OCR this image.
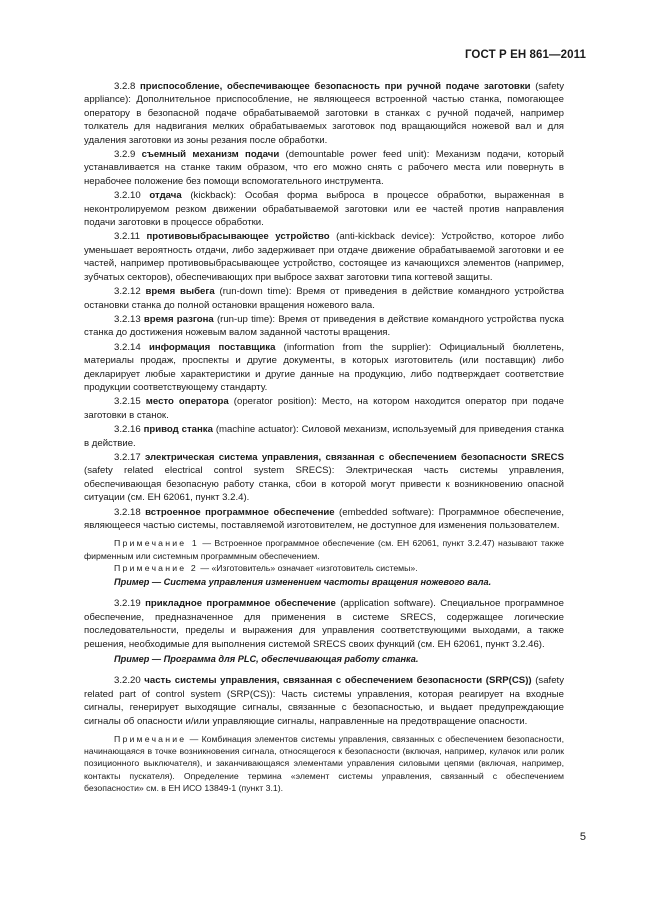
ГОСТ Р ЕН 861—2011

3.2.8 приспособление, обеспечивающее безопасность при ручной подаче заготовки (safety appliance): Дополнительное приспособление, не являющееся встроенной частью станка, помогающее оператору в безопасной подаче обрабатываемой заготовки в станках с ручной подачей, например толкатель для надвигания мелких обрабатываемых заготовок под вращающийся ножевой вал и для удаления заготовки из зоны резания после обработки.

3.2.9 съемный механизм подачи (demountable power feed unit): Механизм подачи, который устанавливается на станке таким образом, что его можно снять с рабочего места или повернуть в нерабочее положение без помощи вспомогательного инструмента.

3.2.10 отдача (kickback): Особая форма выброса в процессе обработки, выраженная в неконтролируемом резком движении обрабатываемой заготовки или ее частей против направления подачи заготовки в процессе обработки.

3.2.11 противовыбрасывающее устройство (anti-kickback device): Устройство, которое либо уменьшает вероятность отдачи, либо задерживает при отдаче движение обрабатываемой заготовки и ее частей, например противовыбрасывающее устройство, состоящее из качающихся элементов (например, зубчатых секторов), обеспечивающих при выбросе захват заготовки типа когтевой защиты.

3.2.12 время выбега (run-down time): Время от приведения в действие командного устройства остановки станка до полной остановки вращения ножевого вала.

3.2.13 время разгона (run-up time): Время от приведения в действие командного устройства пуска станка до достижения ножевым валом заданной частоты вращения.

3.2.14 информация поставщика (information from the supplier): Официальный бюллетень, материалы продаж, проспекты и другие документы, в которых изготовитель (или поставщик) либо декларирует любые характеристики и другие данные на продукцию, либо подтверждает соответствие продукции соответствующему стандарту.

3.2.15 место оператора (operator position): Место, на котором находится оператор при подаче заготовки в станок.

3.2.16 привод станка (machine actuator): Силовой механизм, используемый для приведения станка в действие.

3.2.17 электрическая система управления, связанная с обеспечением безопасности SRECS (safety related electrical control system SRECS): Электрическая часть системы управления, обеспечивающая безопасную работу станка, сбои в которой могут привести к возникновению опасной ситуации (см. ЕН 62061, пункт 3.2.4).

3.2.18 встроенное программное обеспечение (embedded software): Программное обеспечение, являющееся частью системы, поставляемой изготовителем, не доступное для изменения пользователем.

Примечание 1 — Встроенное программное обеспечение (см. ЕН 62061, пункт 3.2.47) называют также фирменным или системным программным обеспечением.

Примечание 2 — «Изготовитель» означает «изготовитель системы».

Пример — Система управления изменением частоты вращения ножевого вала.

3.2.19 прикладное программное обеспечение (application software). Специальное программное обеспечение, предназначенное для применения в системе SRECS, содержащее логические последовательности, пределы и выражения для управления соответствующими выходами, а также решения, необходимые для выполнения системой SRECS своих функций (см. ЕН 62061, пункт 3.2.46).

Пример — Программа для PLC, обеспечивающая работу станка.

3.2.20 часть системы управления, связанная с обеспечением безопасности (SRP(CS)) (safety related part of control system (SRP(CS)): Часть системы управления, которая реагирует на входные сигналы, генерирует выходящие сигналы, связанные с безопасностью, и выдает предупреждающие сигналы об опасности и/или управляющие сигналы, направленные на предотвращение опасности.

Примечание — Комбинация элементов системы управления, связанных с обеспечением безопасности, начинающаяся в точке возникновения сигнала, относящегося к безопасности (включая, например, кулачок или ролик позиционного выключателя), и заканчивающаяся элементами управления силовыми цепями (включая, например, контакты пускателя). Определение термина «элемент системы управления, связанный с обеспечением безопасности» см. в ЕН ИСО 13849-1 (пункт 3.1).

5
